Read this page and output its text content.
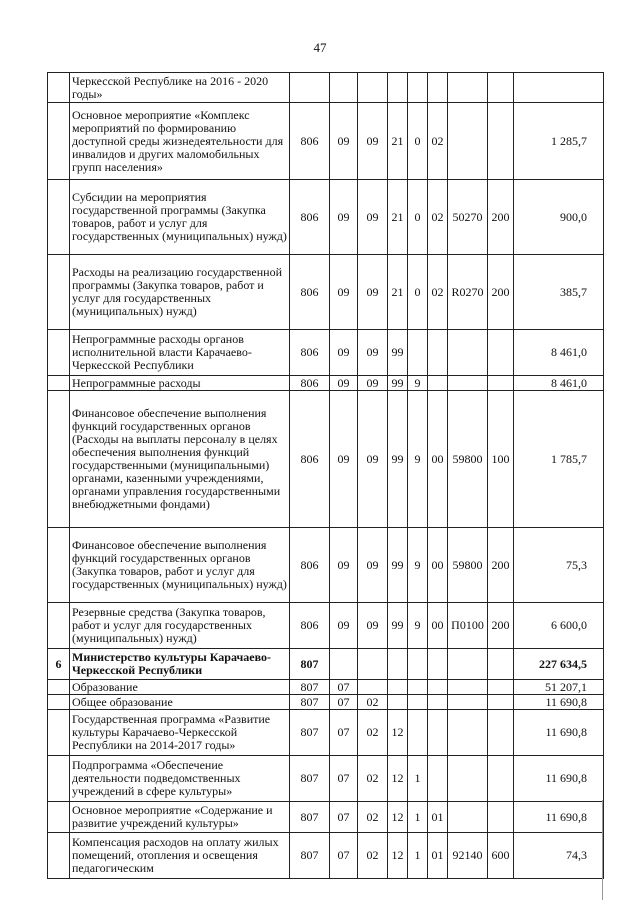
47
	Черкесской Республике на 2016 - 2020 годы»									
	Основное мероприятие «Комплекс мероприятий по формированию доступной среды жизнедеятельности для инвалидов и других маломобильных групп населения»	806	09	09	21	0	02			1 285,7
	Субсидии на мероприятия государственной программы (Закупка товаров, работ и услуг для государственных (муниципальных) нужд)	806	09	09	21	0	02	50270	200	900,0
	Расходы на реализацию государственной программы (Закупка товаров, работ и услуг для государственных (муниципальных) нужд)	806	09	09	21	0	02	R0270	200	385,7
	Непрограммные расходы органов исполнительной власти Карачаево-Черкесской Республики	806	09	09	99					8 461,0
	Непрограммные расходы	806	09	09	99	9				8 461,0
	Финансовое обеспечение выполнения функций государственных органов (Расходы на выплаты персоналу в целях обеспечения выполнения функций государственными (муниципальными) органами, казенными учреждениями, органами управления государственными внебюджетными фондами)	806	09	09	99	9	00	59800	100	1 785,7
	Финансовое обеспечение выполнения функций государственных органов (Закупка товаров, работ и услуг для государственных (муниципальных) нужд)	806	09	09	99	9	00	59800	200	75,3
	Резервные средства (Закупка товаров, работ и услуг для государственных (муниципальных) нужд)	806	09	09	99	9	00	П0100	200	6 600,0
6	Министерство культуры Карачаево-Черкесской Республики	807								227 634,5
	Образование	807	07							51 207,1
	Общее образование	807	07	02						11 690,8
	Государственная программа «Развитие культуры Карачаево-Черкесской Республики на 2014-2017 годы»	807	07	02	12					11 690,8
	Подпрограмма «Обеспечение деятельности подведомственных учреждений в сфере культуры»	807	07	02	12	1				11 690,8
	Основное мероприятие «Содержание и развитие учреждений культуры»	807	07	02	12	1	01			11 690,8
	Компенсация расходов на оплату жилых помещений, отопления и освещения педагогическим	807	07	02	12	1	01	92140	600	74,3
